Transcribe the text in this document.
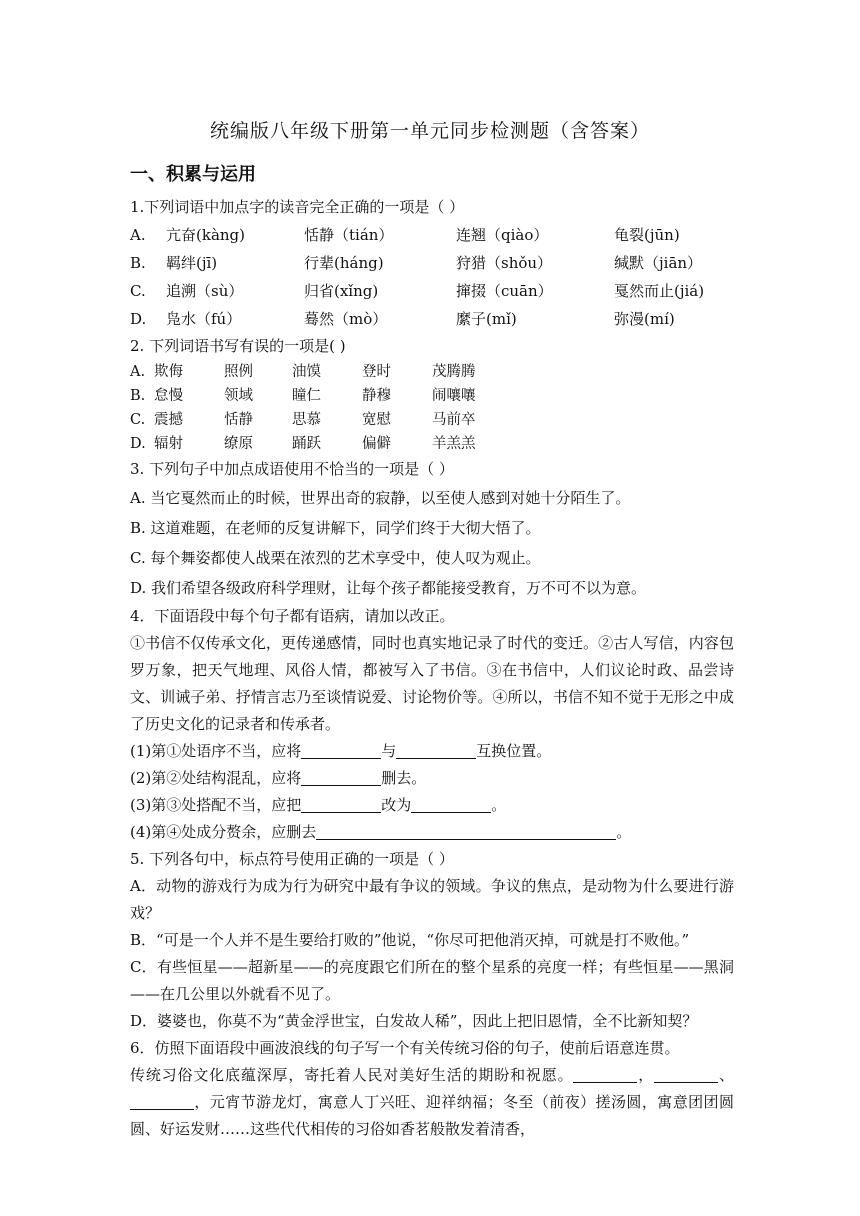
统编版八年级下册第一单元同步检测题（含答案）
一、积累与运用
1.下列词语中加点字的读音完全正确的一项是（ ）
A. 亢奋(kàng)	恬静（tián）	连翘（qiào）	龟裂(jūn)
B. 羁绊(jī)	行辈(háng)	狩猎（shǒu）	缄默（jiān）
C. 追溯（sù）	归省(xǐng)	撺掇（cuān）	戛然而止(jiá)
D. 凫水（fú）	蓦然（mò）	縻子(mǐ)	弥漫(mí)
2. 下列词语书写有误的一项是( )
A. 欺侮	照例	油馍	登时	茂腾腾
B. 怠慢	领域	瞳仁	静穆	闹嚷嚷
C. 震撼	恬静	思慕	宽慰	马前卒
D. 辐射	缭原	踊跃	偏僻	羊羔羔
3. 下列句子中加点成语使用不恰当的一项是（ ）
A. 当它戛然而止的时候，世界出奇的寂静，以至使人感到对她十分陌生了。
B. 这道难题，在老师的反复讲解下，同学们终于大彻大悟了。
C. 每个舞姿都使人战栗在浓烈的艺术享受中，使人叹为观止。
D. 我们希望各级政府科学理财，让每个孩子都能接受教育，万不可不以为意。
4．下面语段中每个句子都有语病，请加以改正。
①书信不仅传承文化，更传递感情，同时也真实地记录了时代的变迁。②古人写信，内容包罗万象，把天气地理、风俗人情，都被写入了书信。③在书信中，人们议论时政、品尝诗文、训诫子弟、抒情言志乃至谈情说爱、讨论物价等。④所以，书信不知不觉于无形之中成了历史文化的记录者和传承者。
(1)第①处语序不当，应将	与	互换位置。
(2)第②处结构混乱，应将	删去。
(3)第③处搭配不当，应把	改为	。
(4)第④处成分赘余，应删去	。
5. 下列各句中，标点符号使用正确的一项是（ ）
A．动物的游戏行为成为行为研究中最有争议的领域。争议的焦点，是动物为什么要进行游戏？
B．“可是一个人并不是生要给打败的”他说，“你尽可把他消灭掉，可就是打不败他。”
C．有些恒星——超新星——的亮度跟它们所在的整个星系的亮度一样；有些恒星——黑洞——在几公里以外就看不见了。
D．婆婆也，你莫不为“黄金浮世宝，白发故人稀”，因此上把旧恩情，全不比新知契？
6．仿照下面语段中画波浪线的句子写一个有关传统习俗的句子，使前后语意连贯。
传统习俗文化底蕴深厚，寄托着人民对美好生活的期盼和祝愿。	，	、，元宵节游龙灯，寓意人丁兴旺、迎祥纳福；冬至（前夜）搓汤圆，寓意团团圆圆、好运发财……这些代代相传的习俗如香茗般散发着清香，
